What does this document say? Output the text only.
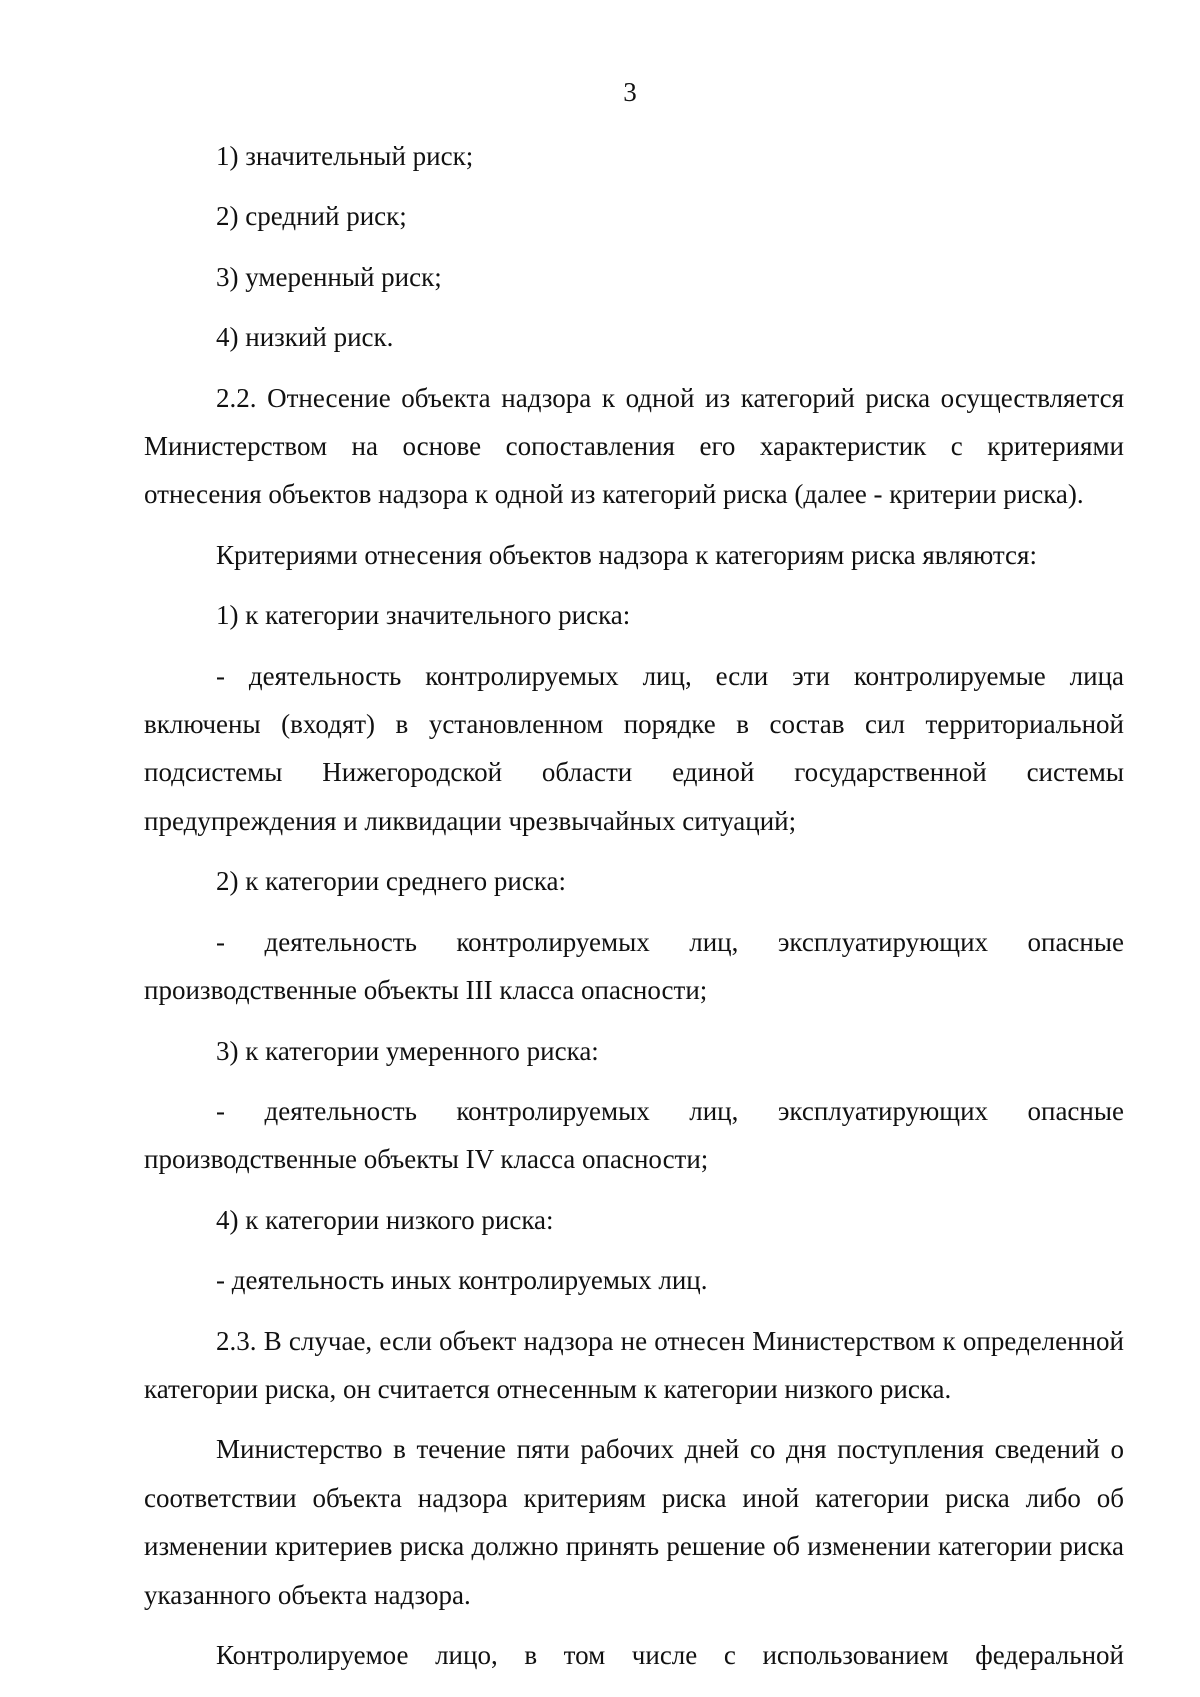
3

1) значительный риск;

2) средний риск;

3) умеренный риск;

4) низкий риск.

2.2. Отнесение объекта надзора к одной из категорий риска осуществляется Министерством на основе сопоставления его характеристик с критериями отнесения объектов надзора к одной из категорий риска (далее - критерии риска).

Критериями отнесения объектов надзора к категориям риска являются:

1) к категории значительного риска:

- деятельность контролируемых лиц, если эти контролируемые лица включены (входят) в установленном порядке в состав сил территориальной подсистемы Нижегородской области единой государственной системы предупреждения и ликвидации чрезвычайных ситуаций;

2) к категории среднего риска:

- деятельность контролируемых лиц, эксплуатирующих опасные производственные объекты III класса опасности;

3) к категории умеренного риска:

- деятельность контролируемых лиц, эксплуатирующих опасные производственные объекты IV класса опасности;

4) к категории низкого риска:

- деятельность иных контролируемых лиц.

2.3. В случае, если объект надзора не отнесен Министерством к определенной категории риска, он считается отнесенным к категории низкого риска.

Министерство в течение пяти рабочих дней со дня поступления сведений о соответствии объекта надзора критериям риска иной категории риска либо об изменении критериев риска должно принять решение об изменении категории риска указанного объекта надзора.

Контролируемое лицо, в том числе с использованием федеральной
